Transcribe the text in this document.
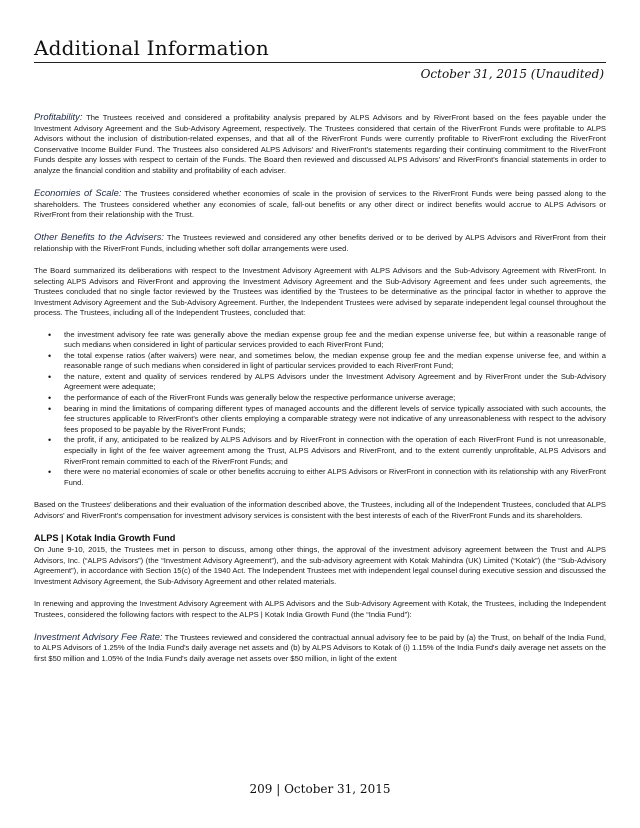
Additional Information
October 31, 2015 (Unaudited)

Profitability: The Trustees received and considered a profitability analysis prepared by ALPS Advisors and by RiverFront based on the fees payable under the Investment Advisory Agreement and the Sub-Advisory Agreement, respectively. The Trustees considered that certain of the RiverFront Funds were profitable to ALPS Advisors without the inclusion of distribution-related expenses, and that all of the RiverFront Funds were currently profitable to RiverFront excluding the RiverFront Conservative Income Builder Fund. The Trustees also considered ALPS Advisors' and RiverFront's statements regarding their continuing commitment to the RiverFront Funds despite any losses with respect to certain of the Funds. The Board then reviewed and discussed ALPS Advisors' and RiverFront's financial statements in order to analyze the financial condition and stability and profitability of each adviser.

Economies of Scale: The Trustees considered whether economies of scale in the provision of services to the RiverFront Funds were being passed along to the shareholders. The Trustees considered whether any economies of scale, fall-out benefits or any other direct or indirect benefits would accrue to ALPS Advisors or RiverFront from their relationship with the Trust.

Other Benefits to the Advisers: The Trustees reviewed and considered any other benefits derived or to be derived by ALPS Advisors and RiverFront from their relationship with the RiverFront Funds, including whether soft dollar arrangements were used.

The Board summarized its deliberations with respect to the Investment Advisory Agreement with ALPS Advisors and the Sub-Advisory Agreement with RiverFront. In selecting ALPS Advisors and RiverFront and approving the Investment Advisory Agreement and the Sub-Advisory Agreement and fees under such agreements, the Trustees concluded that no single factor reviewed by the Trustees was identified by the Trustees to be determinative as the principal factor in whether to approve the Investment Advisory Agreement and the Sub-Advisory Agreement. Further, the Independent Trustees were advised by separate independent legal counsel throughout the process. The Trustees, including all of the Independent Trustees, concluded that:

• the investment advisory fee rate was generally above the median expense group fee and the median expense universe fee, but within a reasonable range of such medians when considered in light of particular services provided to each RiverFront Fund;
• the total expense ratios (after waivers) were near, and sometimes below, the median expense group fee and the median expense universe fee, and within a reasonable range of such medians when considered in light of particular services provided to each RiverFront Fund;
• the nature, extent and quality of services rendered by ALPS Advisors under the Investment Advisory Agreement and by RiverFront under the Sub-Advisory Agreement were adequate;
• the performance of each of the RiverFront Funds was generally below the respective performance universe average;
• bearing in mind the limitations of comparing different types of managed accounts and the different levels of service typically associated with such accounts, the fee structures applicable to RiverFront's other clients employing a comparable strategy were not indicative of any unreasonableness with respect to the advisory fees proposed to be payable by the RiverFront Funds;
• the profit, if any, anticipated to be realized by ALPS Advisors and by RiverFront in connection with the operation of each RiverFront Fund is not unreasonable, especially in light of the fee waiver agreement among the Trust, ALPS Advisors and RiverFront, and to the extent currently unprofitable, ALPS Advisors and RiverFront remain committed to each of the RiverFront Funds; and
• there were no material economies of scale or other benefits accruing to either ALPS Advisors or RiverFront in connection with its relationship with any RiverFront Fund.

Based on the Trustees' deliberations and their evaluation of the information described above, the Trustees, including all of the Independent Trustees, concluded that ALPS Advisors' and RiverFront's compensation for investment advisory services is consistent with the best interests of each of the RiverFront Funds and its shareholders.

ALPS | Kotak India Growth Fund

On June 9-10, 2015, the Trustees met in person to discuss, among other things, the approval of the investment advisory agreement between the Trust and ALPS Advisors, Inc. (“ALPS Advisors”) (the “Investment Advisory Agreement”), and the sub-advisory agreement with Kotak Mahindra (UK) Limited (“Kotak”) (the “Sub-Advisory Agreement”), in accordance with Section 15(c) of the 1940 Act. The Independent Trustees met with independent legal counsel during executive session and discussed the Investment Advisory Agreement, the Sub-Advisory Agreement and other related materials.

In renewing and approving the Investment Advisory Agreement with ALPS Advisors and the Sub-Advisory Agreement with Kotak, the Trustees, including the Independent Trustees, considered the following factors with respect to the ALPS | Kotak India Growth Fund (the “India Fund”):

Investment Advisory Fee Rate: The Trustees reviewed and considered the contractual annual advisory fee to be paid by (a) the Trust, on behalf of the India Fund, to ALPS Advisors of 1.25% of the India Fund's daily average net assets and (b) by ALPS Advisors to Kotak of (i) 1.15% of the India Fund's daily average net assets on the first $50 million and 1.05% of the India Fund's daily average net assets over $50 million, in light of the extent

209 | October 31, 2015
